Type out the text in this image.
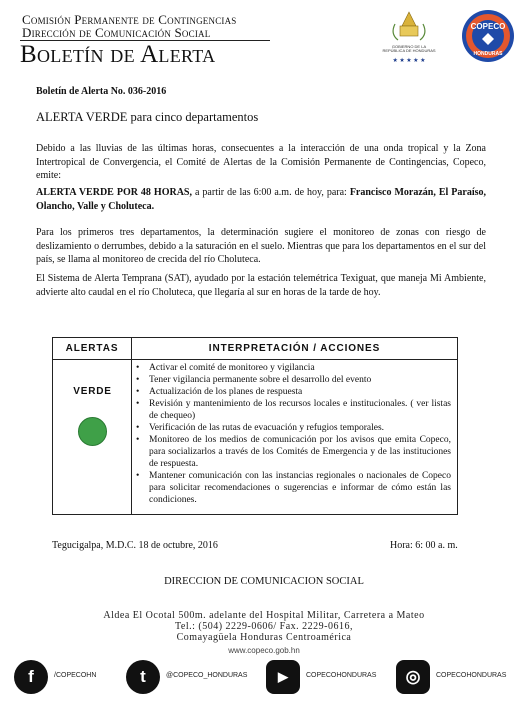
Comisión Permanente de Contingencias
Dirección de Comunicación Social
Boletín de Alerta	GOBIERNO DE LA
REPÚBLICA DE HONDURAS
★ ★ ★ ★ ★
COPECO
HONDURAS
Boletín de Alerta No. 036-2016
ALERTA VERDE para cinco departamentos
Debido a las lluvias de las últimas horas, consecuentes a la interacción de una onda tropical y la Zona Intertropical de Convergencia, el Comité de Alertas de la Comisión Permanente de Contingencias, Copeco, emite:
ALERTA VERDE POR 48 HORAS, a partir de las 6:00 a.m. de hoy, para: Francisco Morazán, El Paraíso, Olancho, Valle y Choluteca.
Para los primeros tres departamentos, la determinación sugiere el monitoreo de zonas con riesgo de deslizamiento o derrumbes, debido a la saturación en el suelo. Mientras que para los departamentos en el sur del país, se llama al monitoreo de crecida del río Choluteca.
El Sistema de Alerta Temprana (SAT), ayudado por la estación telemétrica Texiguat, que maneja Mi Ambiente, advierte alto caudal en el río Choluteca, que llegaría al sur en horas de la tarde de hoy.
ALERTAS	INTERPRETACIÓN / ACCIONES
VERDE
• Activar el comité de monitoreo y vigilancia
• Tener vigilancia permanente sobre el desarrollo del evento
• Actualización de los planes de respuesta
• Revisión y mantenimiento de los recursos locales e institucionales. ( ver listas de chequeo)
• Verificación de las rutas de evacuación y refugios temporales.
• Monitoreo de los medios de comunicación por los avisos que emita Copeco, para socializarlos a través de los Comités de Emergencia y de las instituciones de respuesta.
• Mantener comunicación con las instancias regionales o nacionales de Copeco para solicitar recomendaciones o sugerencias e informar de cómo están las condiciones.
Tegucigalpa, M.D.C. 18 de octubre, 2016	Hora: 6: 00 a. m.
DIRECCION DE COMUNICACION SOCIAL
Aldea El Ocotal 500m. adelante del Hospital Militar, Carretera a Mateo
Tel.: (504) 2229-0606/ Fax. 2229-0616,
Comayagüela Honduras Centroamérica
www.copeco.gob.hn
f	/COPECOHN	t	@COPECO_HONDURAS	▶	COPECOHONDURAS	◎	COPECOHONDURAS
